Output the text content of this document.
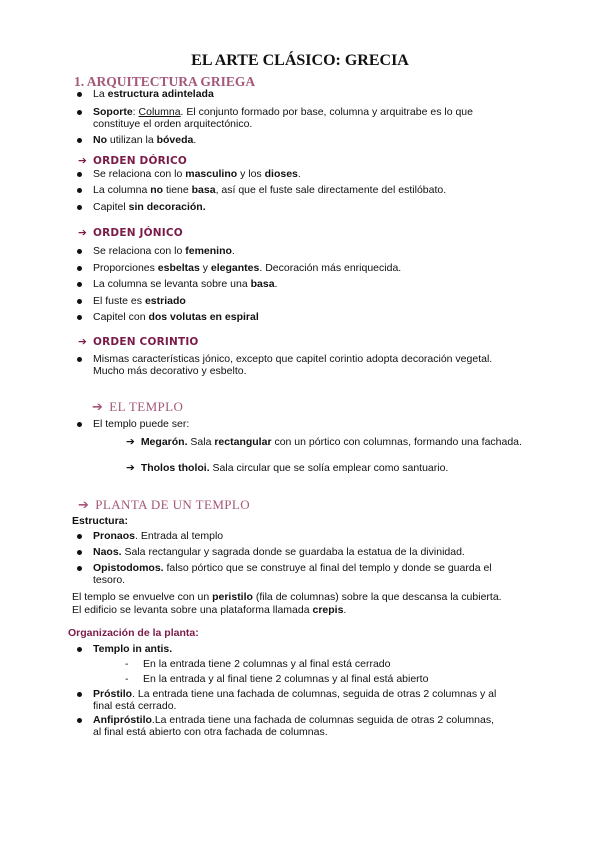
EL ARTE CLÁSICO: GRECIA
1. ARQUITECTURA GRIEGA
La estructura adintelada
Soporte: Columna. El conjunto formado por base, columna y arquitrabe es lo que
constituye el orden arquitectónico.
No utilizan la bóveda.
➔ ORDEN DÓRICO
Se relaciona con lo masculino y los dioses.
La columna no tiene basa, así que el fuste sale directamente del estilóbato.
Capitel sin decoración.
➔ ORDEN JÓNICO
Se relaciona con lo femenino.
Proporciones esbeltas y elegantes. Decoración más enriquecida.
La columna se levanta sobre una basa.
El fuste es estriado
Capitel con dos volutas en espiral
➔ ORDEN CORINTIO
Mismas características jónico, excepto que capitel corintio adopta decoración vegetal.
Mucho más decorativo y esbelto.
➔ EL TEMPLO
El templo puede ser:
➔ Megarón. Sala rectangular con un pórtico con columnas, formando una fachada.
➔ Tholos tholoi. Sala circular que se solía emplear como santuario.
➔ PLANTA DE UN TEMPLO
Estructura:
Pronaos. Entrada al templo
Naos. Sala rectangular y sagrada donde se guardaba la estatua de la divinidad.
Opistodomos. falso pórtico que se construye al final del templo y donde se guarda el
tesoro.
El templo se envuelve con un peristilo (fila de columnas) sobre la que descansa la cubierta.
El edificio se levanta sobre una plataforma llamada crepis.
Organización de la planta:
Templo in antis.
- En la entrada tiene 2 columnas y al final está cerrado
- En la entrada y al final tiene 2 columnas y al final está abierto
Próstilo. La entrada tiene una fachada de columnas, seguida de otras 2 columnas y al
final está cerrado.
Anfipróstilo.La entrada tiene una fachada de columnas seguida de otras 2 columnas,
al final está abierto con otra fachada de columnas.
